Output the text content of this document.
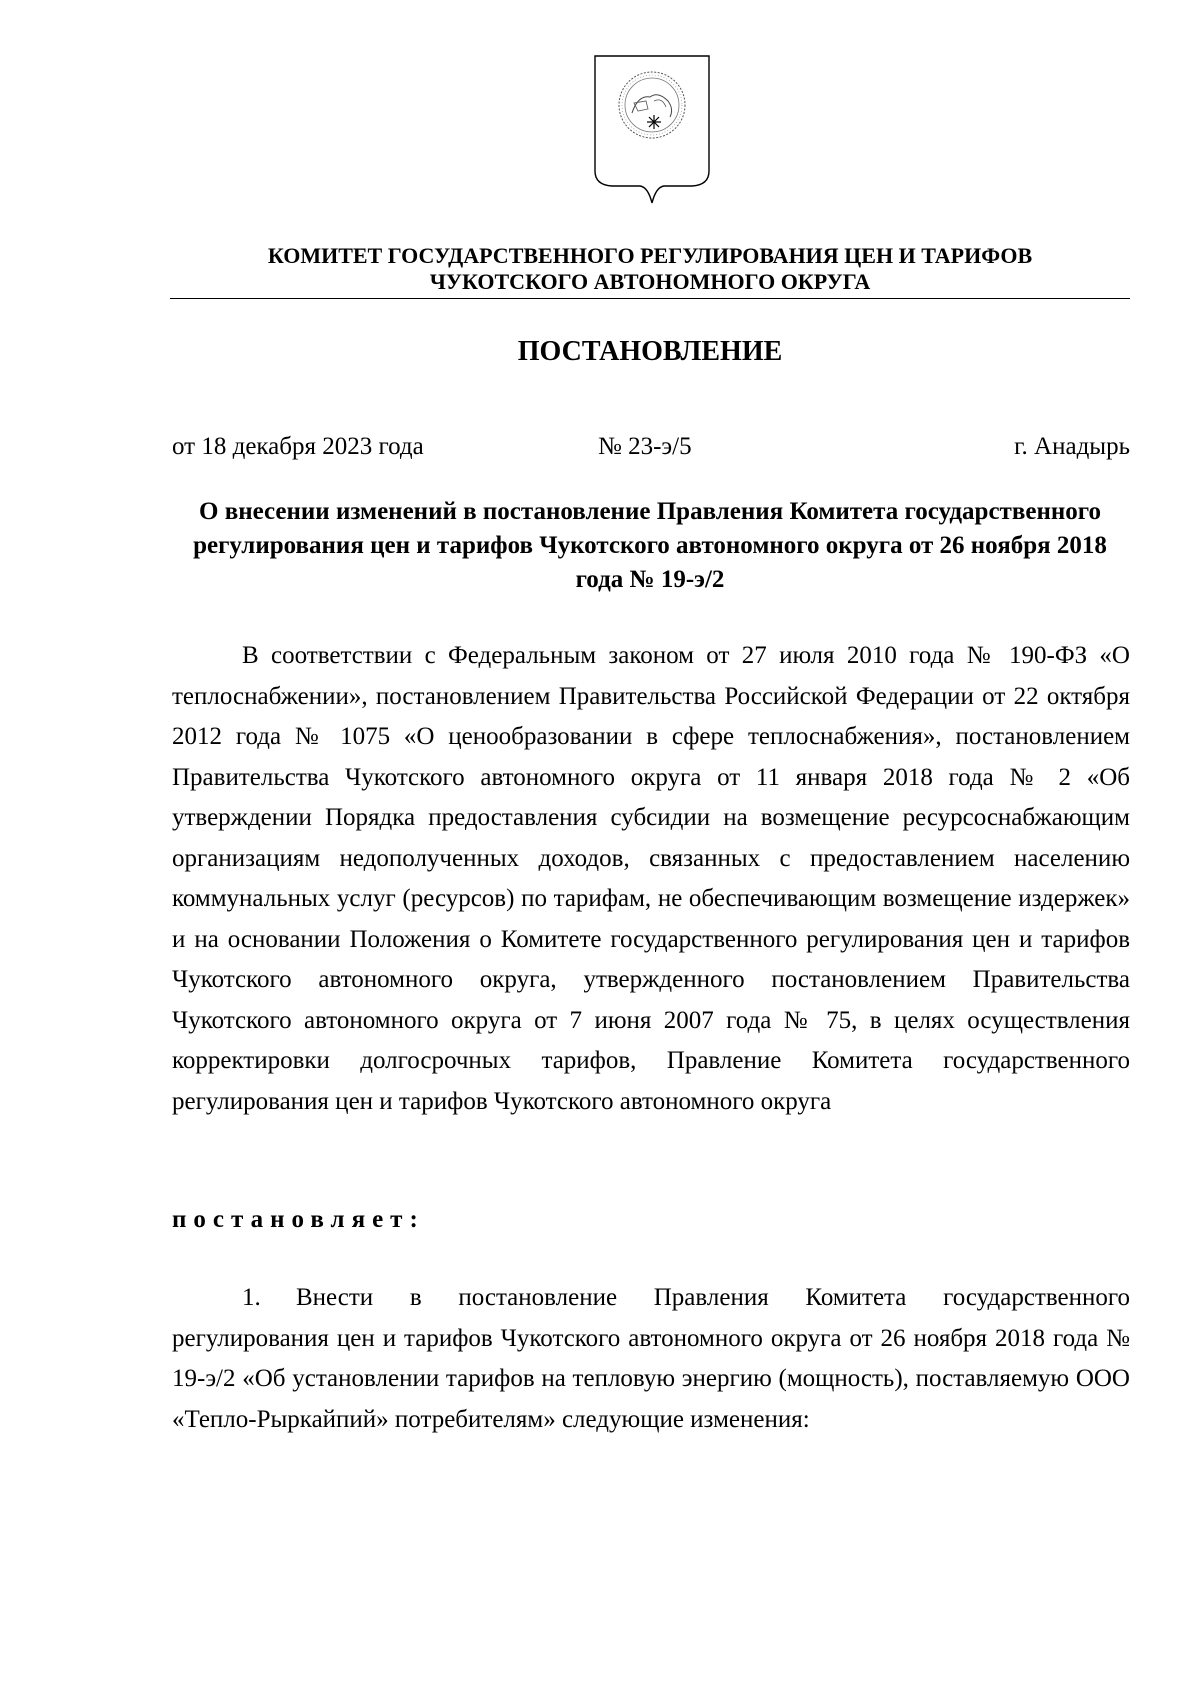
КОМИТЕТ ГОСУДАРСТВЕННОГО РЕГУЛИРОВАНИЯ ЦЕН И ТАРИФОВ
ЧУКОТСКОГО АВТОНОМНОГО ОКРУГА
ПОСТАНОВЛЕНИЕ
от 18 декабря 2023 года	№ 23-э/5	г. Анадырь
О внесении изменений в постановление Правления Комитета государственного регулирования цен и тарифов Чукотского автономного округа от 26 ноября 2018 года № 19-э/2
В соответствии с Федеральным законом от 27 июля 2010 года № 190-ФЗ «О теплоснабжении», постановлением Правительства Российской Федерации от 22 октября 2012 года № 1075 «О ценообразовании в сфере теплоснабжения», постановлением Правительства Чукотского автономного округа от 11 января 2018 года № 2 «Об утверждении Порядка предоставления субсидии на возмещение ресурсоснабжающим организациям недополученных доходов, связанных с предоставлением населению коммунальных услуг (ресурсов) по тарифам, не обеспечивающим возмещение издержек» и на основании Положения о Комитете государственного регулирования цен и тарифов Чукотского автономного округа, утвержденного постановлением Правительства Чукотского автономного округа от 7 июня 2007 года № 75, в целях осуществления корректировки долгосрочных тарифов, Правление Комитета государственного регулирования цен и тарифов Чукотского автономного округа
постановляет:
1. Внести в постановление Правления Комитета государственного регулирования цен и тарифов Чукотского автономного округа от 26 ноября 2018 года № 19-э/2 «Об установлении тарифов на тепловую энергию (мощность), поставляемую ООО «Тепло-Рыркайпий» потребителям» следующие изменения:
